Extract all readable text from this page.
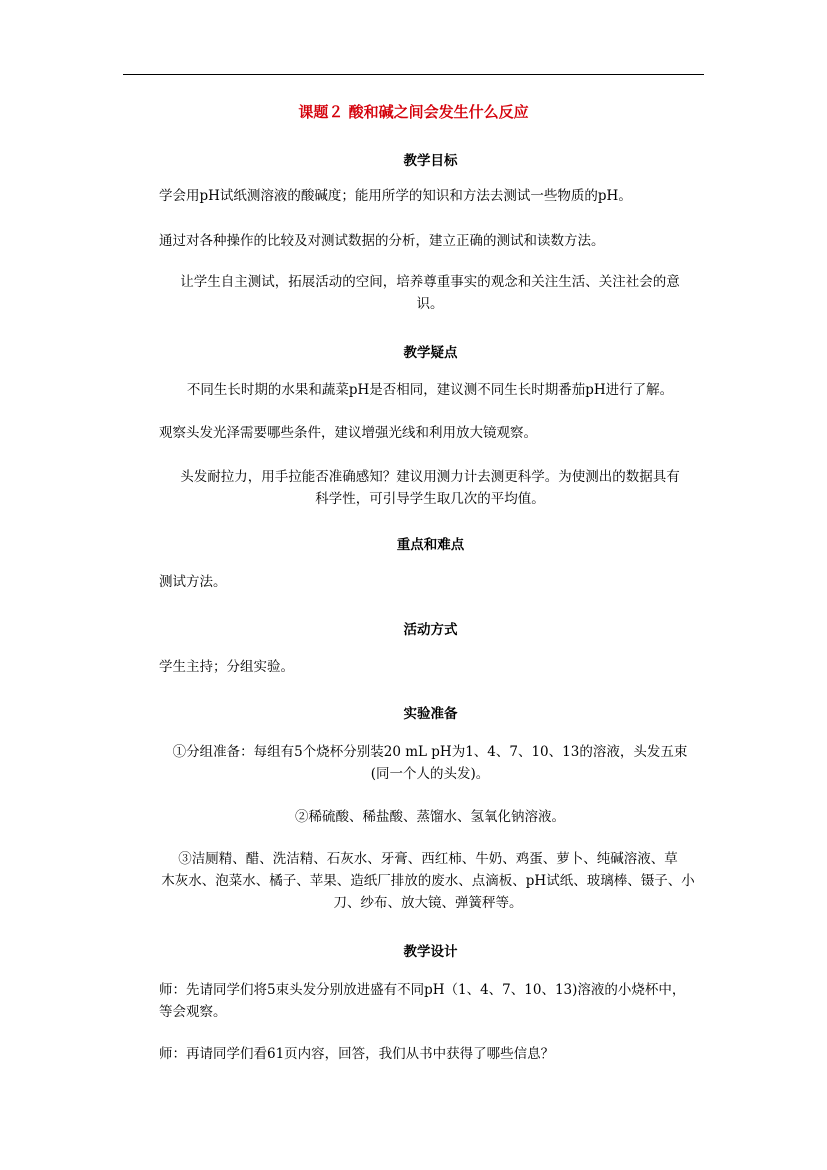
课题２ 酸和碱之间会发生什么反应
教学目标
学会用pH试纸测溶液的酸碱度；能用所学的知识和方法去测试一些物质的pH。
通过对各种操作的比较及对测试数据的分析，建立正确的测试和读数方法。
让学生自主测试，拓展活动的空间，培养尊重事实的观念和关注生活、关注社会的意
识。
教学疑点
不同生长时期的水果和蔬菜pH是否相同，建议测不同生长时期番茄pH进行了解。
观察头发光泽需要哪些条件，建议增强光线和利用放大镜观察。
头发耐拉力，用手拉能否准确感知？建议用测力计去测更科学。为使测出的数据具有
科学性，可引导学生取几次的平均值。
重点和难点
测试方法。
活动方式
学生主持；分组实验。
实验准备
①分组准备：每组有5个烧杯分别装20 mL pH为1、4、7、10、13的溶液，头发五束
(同一个人的头发)。
②稀硫酸、稀盐酸、蒸馏水、氢氧化钠溶液。
③洁厕精、醋、洗洁精、石灰水、牙膏、西红柿、牛奶、鸡蛋、萝卜、纯碱溶液、草
木灰水、泡菜水、橘子、苹果、造纸厂排放的废水、点滴板、pH试纸、玻璃棒、镊子、小
刀、纱布、放大镜、弹簧秤等。
教学设计
师：先请同学们将5束头发分别放进盛有不同pH（1、4、7、10、13)溶液的小烧杯中，
等会观察。
师：再请同学们看61页内容，回答，我们从书中获得了哪些信息？
